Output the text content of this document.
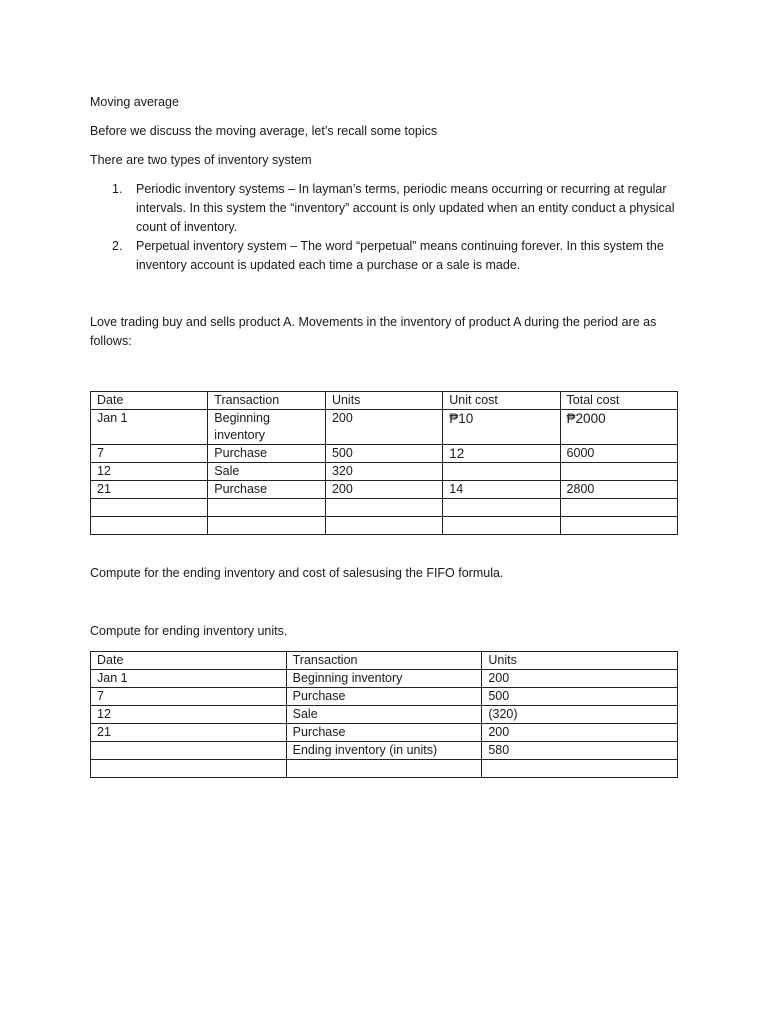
Moving average

Before we discuss the moving average, let’s recall some topics

There are two types of inventory system

1. Periodic inventory systems – In layman’s terms, periodic means occurring or recurring at regular intervals. In this system the “inventory” account is only updated when an entity conduct a physical count of inventory.
2. Perpetual inventory system – The word “perpetual” means continuing forever. In this system the inventory account is updated each time a purchase or a sale is made.

Love trading buy and sells product A. Movements in the inventory of product A during the period are as follows:

Date	Transaction	Units	Unit cost	Total cost
Jan 1	Beginning inventory	200	₱10	₱2000
7	Purchase	500	12	6000
12	Sale	320		
21	Purchase	200	14	2800

Compute for the ending inventory and cost of salesusing the FIFO formula.

Compute for ending inventory units.

Date	Transaction	Units
Jan 1	Beginning inventory	200
7	Purchase	500
12	Sale	(320)
21	Purchase	200
	Ending inventory (in units)	580
